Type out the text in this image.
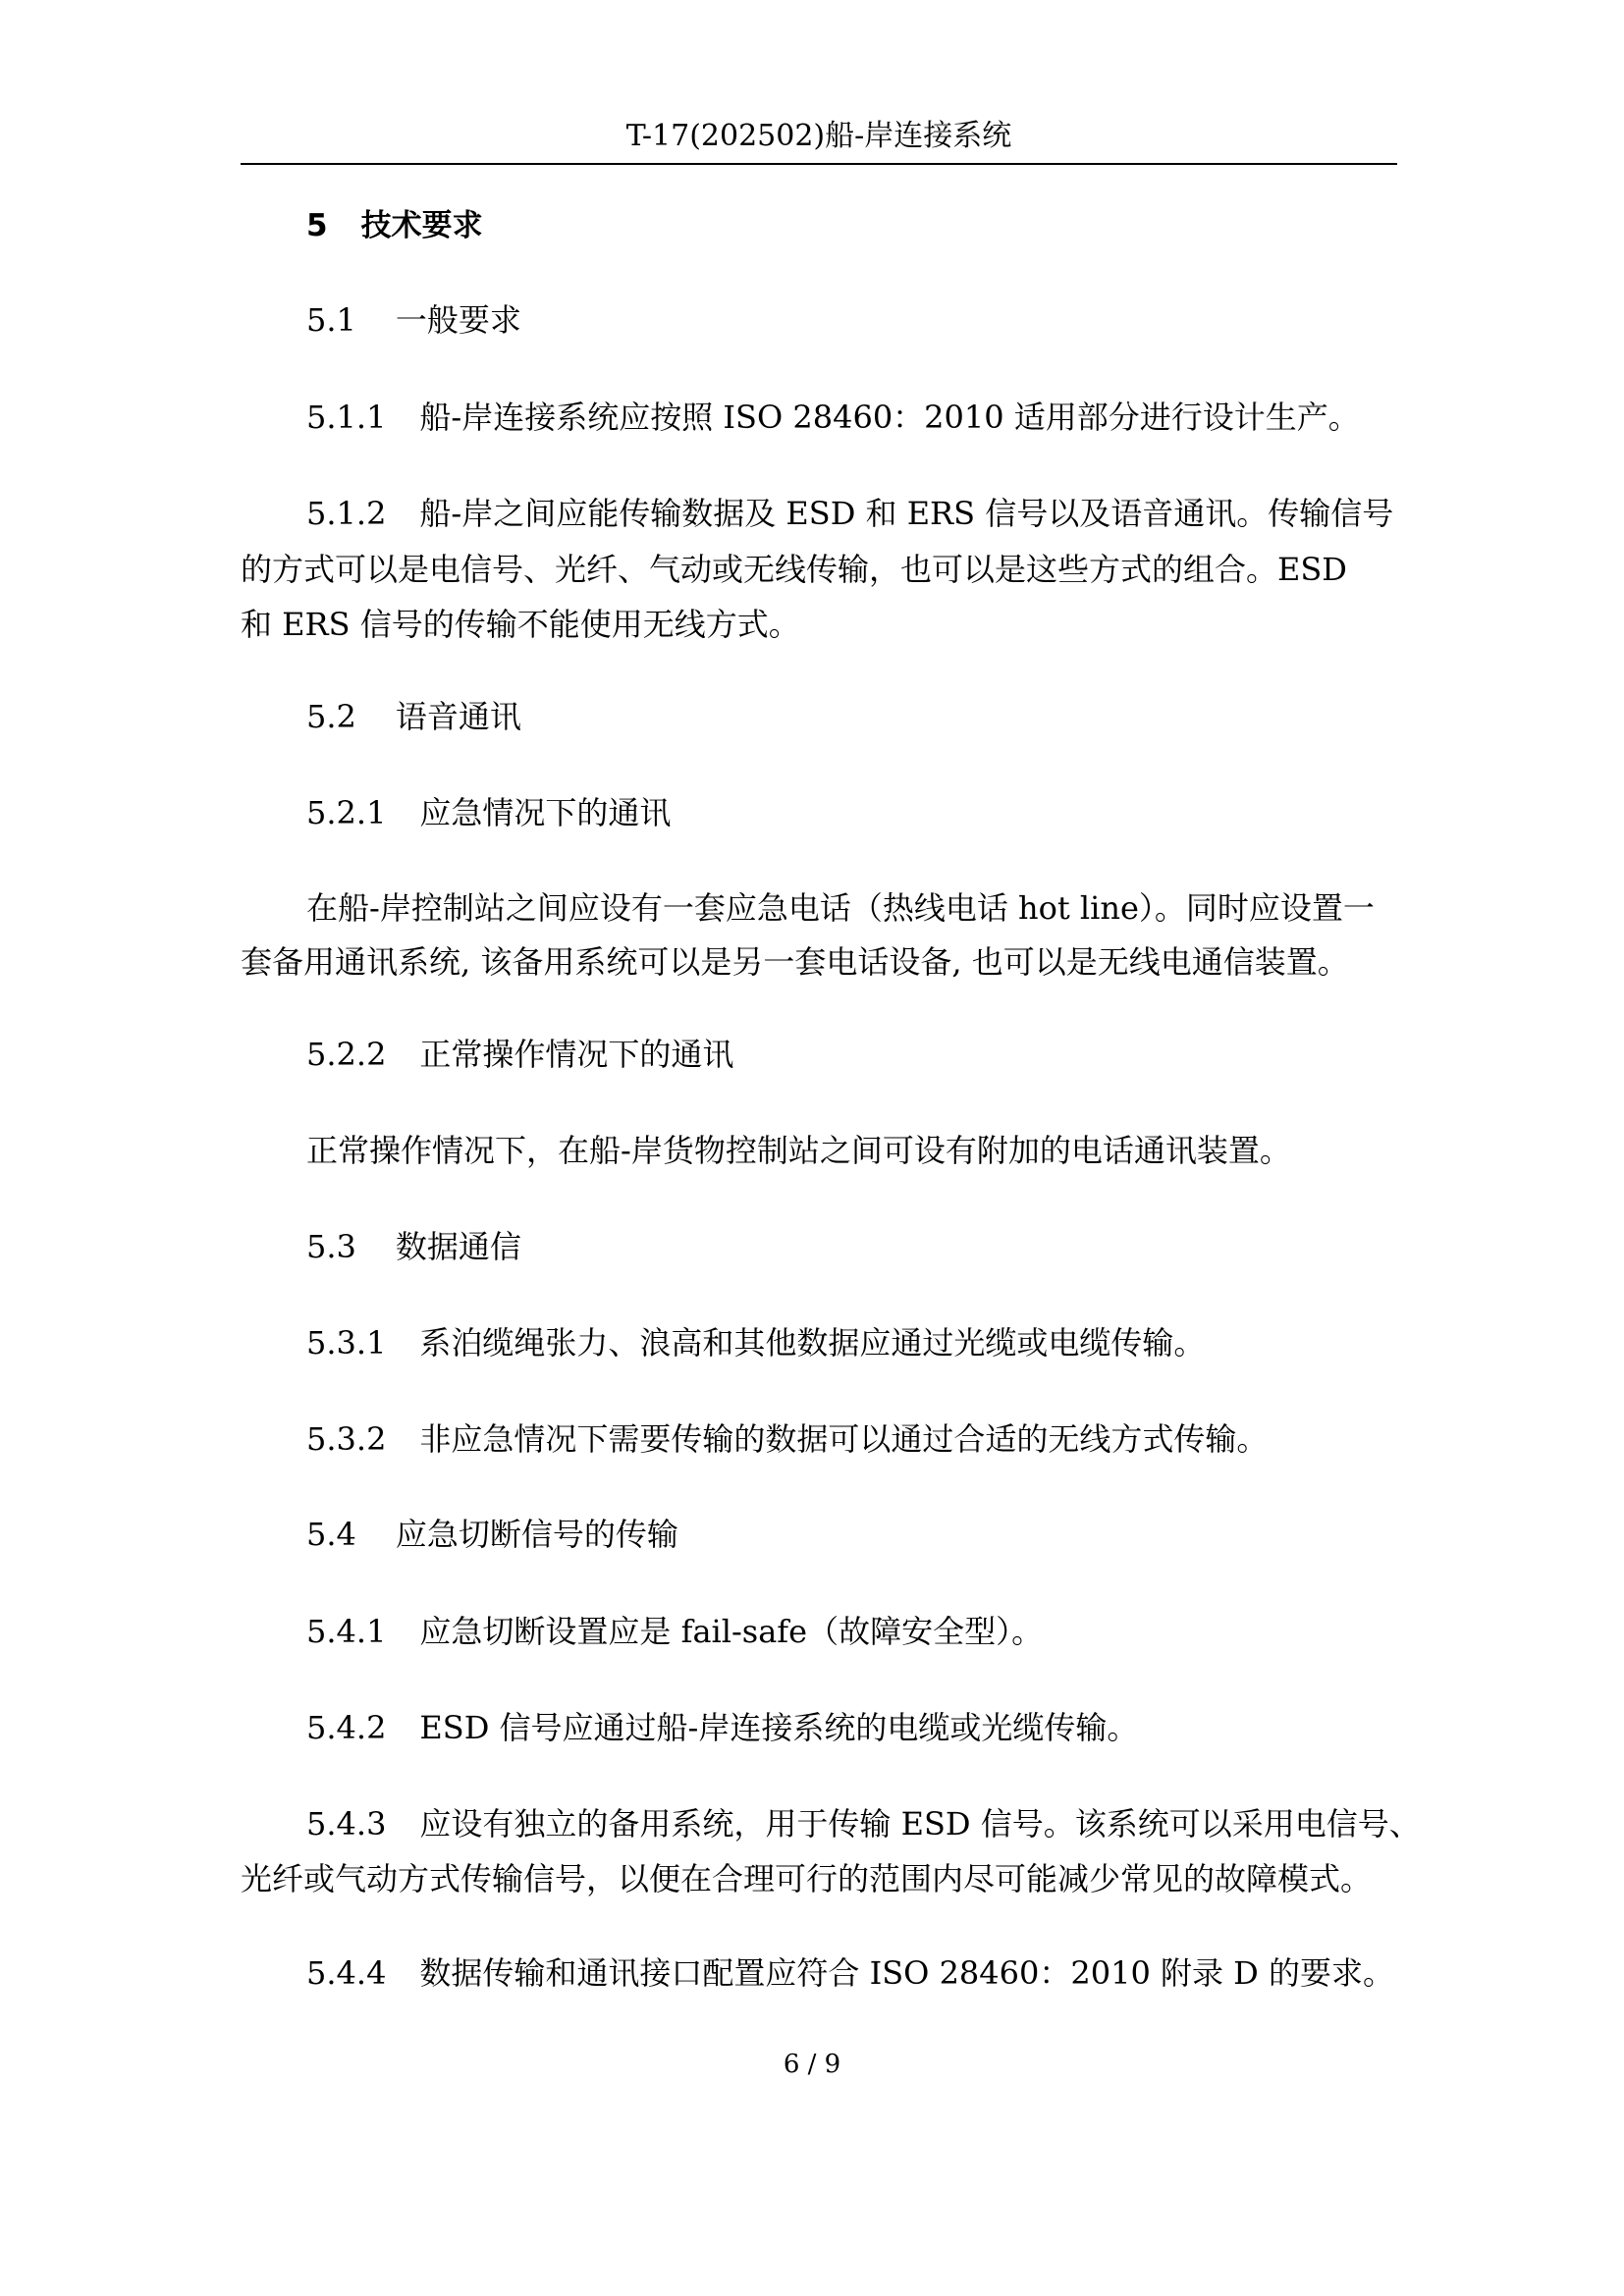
T-17(202502)船-岸连接系统
5 技术要求
5.1 一般要求
5.1.1 船-岸连接系统应按照 ISO 28460：2010 适用部分进行设计生产。
5.1.2 船-岸之间应能传输数据及 ESD 和 ERS 信号以及语音通讯。传输信号
的方式可以是电信号、光纤、气动或无线传输，也可以是这些方式的组合。ESD
和 ERS 信号的传输不能使用无线方式。
5.2 语音通讯
5.2.1 应急情况下的通讯
在船-岸控制站之间应设有一套应急电话（热线电话 hot line）。同时应设置一
套备用通讯系统, 该备用系统可以是另一套电话设备, 也可以是无线电通信装置。
5.2.2 正常操作情况下的通讯
正常操作情况下，在船-岸货物控制站之间可设有附加的电话通讯装置。
5.3 数据通信
5.3.1 系泊缆绳张力、浪高和其他数据应通过光缆或电缆传输。
5.3.2 非应急情况下需要传输的数据可以通过合适的无线方式传输。
5.4 应急切断信号的传输
5.4.1 应急切断设置应是 fail-safe（故障安全型）。
5.4.2 ESD 信号应通过船-岸连接系统的电缆或光缆传输。
5.4.3 应设有独立的备用系统，用于传输 ESD 信号。该系统可以采用电信号、
光纤或气动方式传输信号，以便在合理可行的范围内尽可能减少常见的故障模式。
5.4.4 数据传输和通讯接口配置应符合 ISO 28460：2010 附录 D 的要求。
6 / 9
